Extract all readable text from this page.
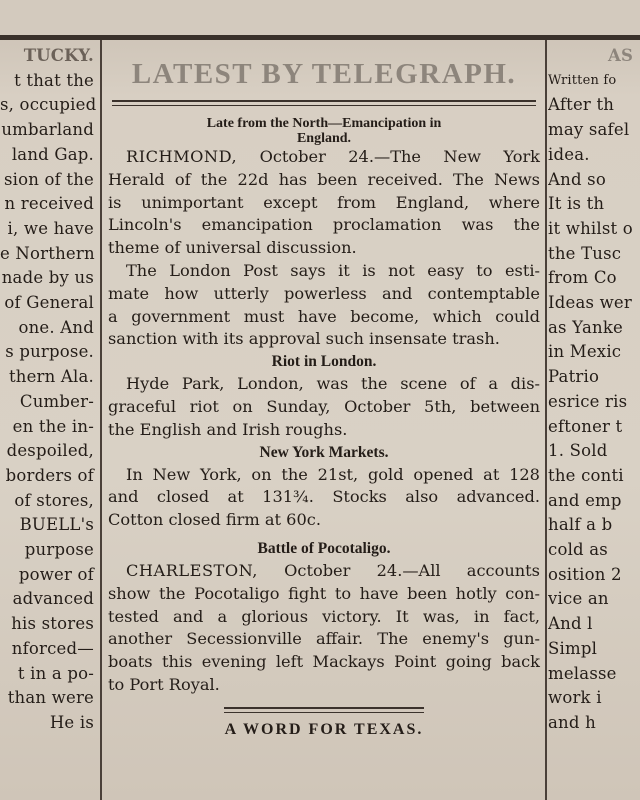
TUCKY.
t that the
s, occupied
umbarland
land Gap.
sion of the
n received
i, we have
e Northern
nade by us
of General
one. And
s purpose.
thern Ala.
Cumber-
en the in-
despoiled,
borders of
of stores,
BUELL's
purpose
power of
advanced
his stores
nforced—
t in a po-
than were
He is
AS
Written fo
After th
may safel
idea.
And so
It is th
it whilst o
the Tusc
from Co
Ideas wer
as Yanke
in Mexic
Patrio
esrice ris
eftoner t
1. Sold
the conti
and emp
half a b
cold as
osition 2
vice an
And l
Simpl
melasse
work i
and h
LATEST BY TELEGRAPH.
Late from the North—Emancipation in
England.
RICHMOND, October 24.—The New York
Herald of the 22d has been received. The News
is unimportant except from England, where
Lincoln's emancipation proclamation was the
theme of universal discussion.
The London Post says it is not easy to esti-
mate how utterly powerless and contemptable
a government must have become, which could
sanction with its approval such insensate trash.
Riot in London.
Hyde Park, London, was the scene of a dis-
graceful riot on Sunday, October 5th, between
the English and Irish roughs.
New York Markets.
In New York, on the 21st, gold opened at 128
and closed at 131¾. Stocks also advanced.
Cotton closed firm at 60c.
Battle of Pocotaligo.
CHARLESTON, October 24.—All accounts
show the Pocotaligo fight to have been hotly con-
tested and a glorious victory. It was, in fact,
another Secessionville affair. The enemy's gun-
boats this evening left Mackays Point going back
to Port Royal.
A WORD FOR TEXAS.
